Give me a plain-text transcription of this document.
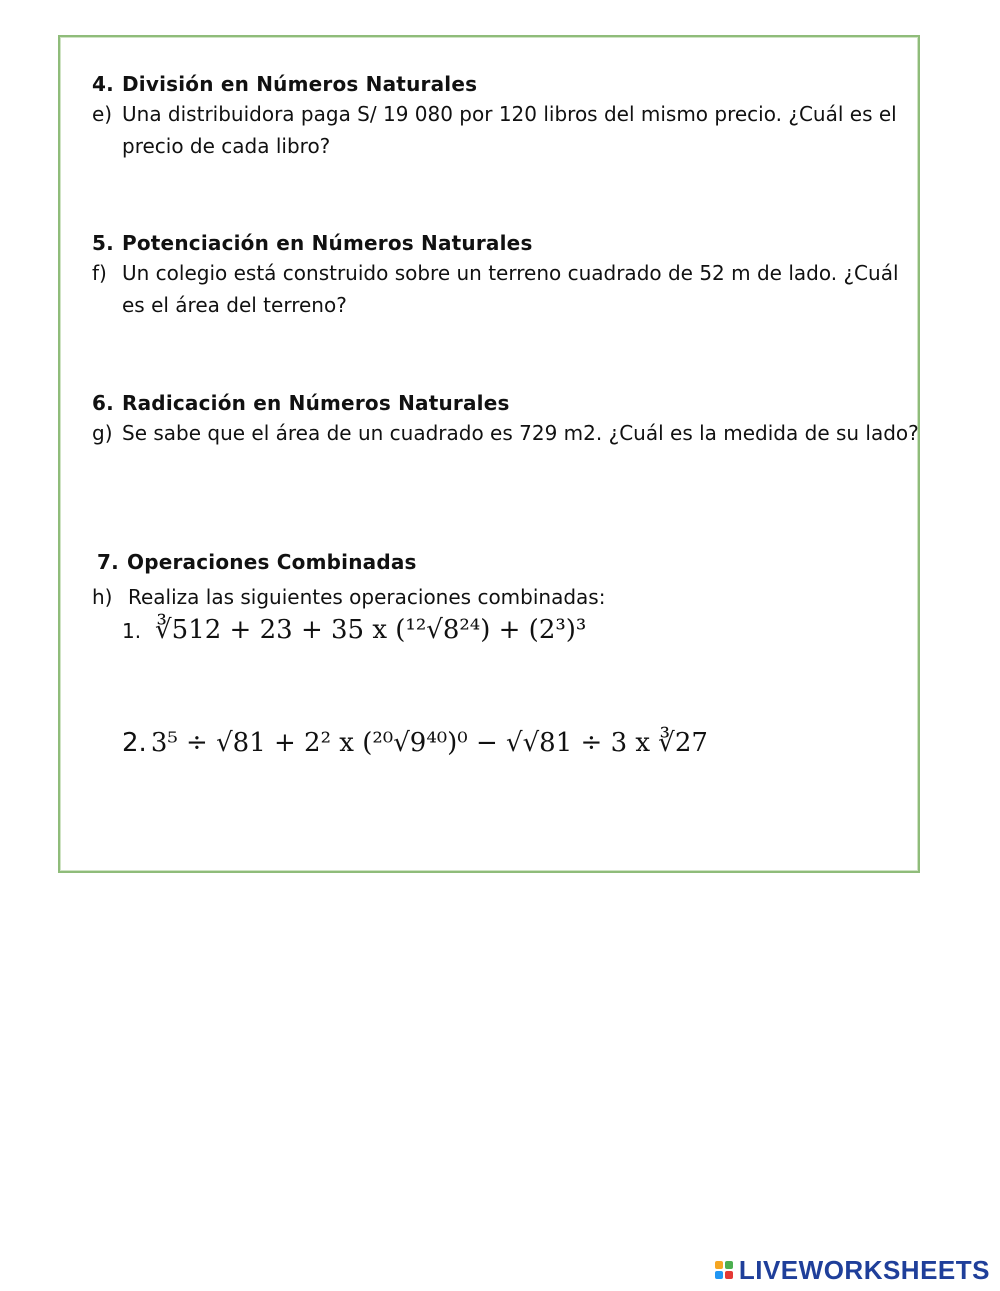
4. División en Números Naturales
e) Una distribuidora paga S/ 19 080 por 120 libros del mismo precio. ¿Cuál es el precio de cada libro?
5. Potenciación en Números Naturales
f) Un colegio está construido sobre un terreno cuadrado de 52 m de lado. ¿Cuál es el área del terreno?
6. Radicación en Números Naturales
g) Se sabe que el área de un cuadrado es 729 m2. ¿Cuál es la medida de su lado?
7. Operaciones Combinadas
h) Realiza las siguientes operaciones combinadas:
1. ∛512 + 23 + 35 x (¹²√8²⁴) + (2³)³
2. 3⁵ ÷ √81 + 2² x (²⁰√9⁴⁰)⁰ − √√81 ÷ 3 x ∛27
LIVEWORKSHEETS
